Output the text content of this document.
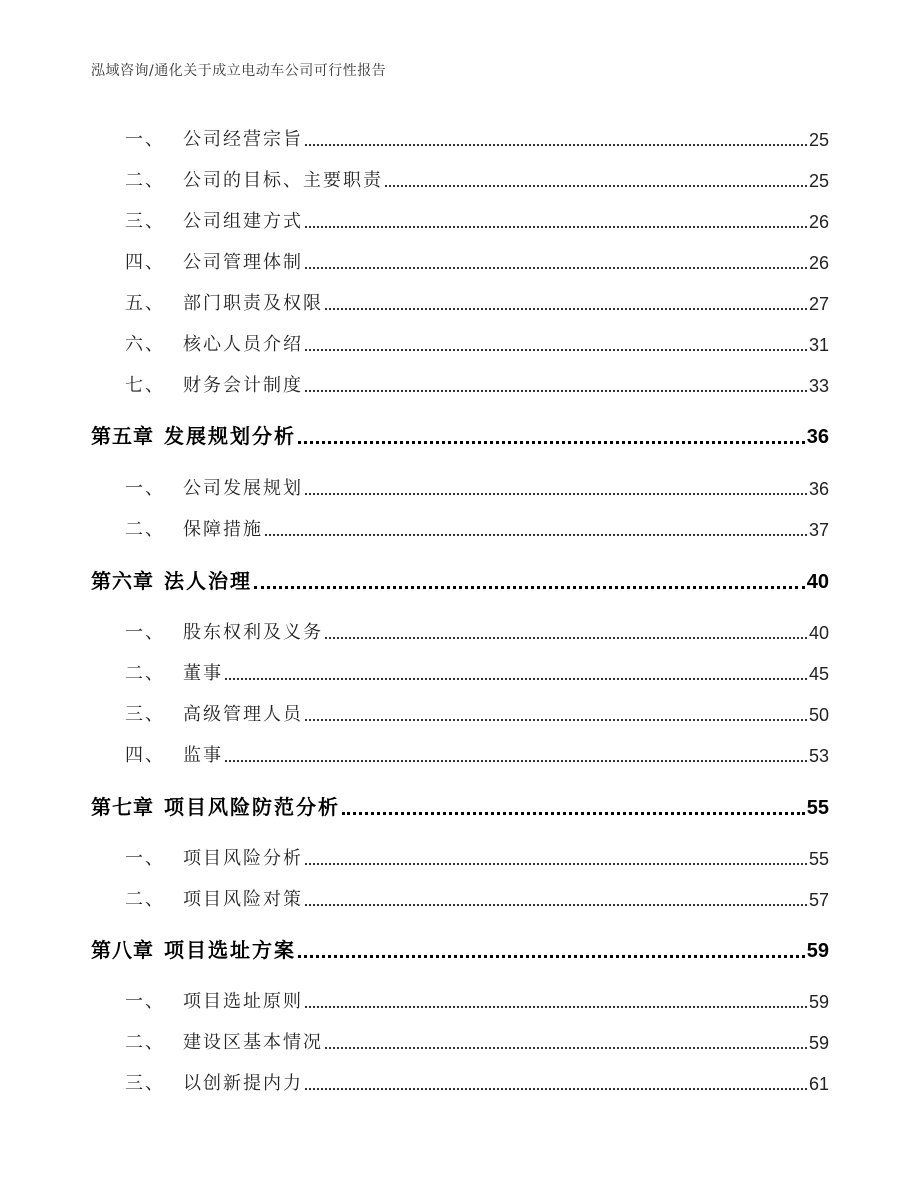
泓域咨询/通化关于成立电动车公司可行性报告
一、	公司经营宗旨	25
二、	公司的目标、主要职责	25
三、	公司组建方式	26
四、	公司管理体制	26
五、	部门职责及权限	27
六、	核心人员介绍	31
七、	财务会计制度	33
第五章 发展规划分析	36
一、	公司发展规划	36
二、	保障措施	37
第六章 法人治理	40
一、	股东权利及义务	40
二、	董事	45
三、	高级管理人员	50
四、	监事	53
第七章 项目风险防范分析	55
一、	项目风险分析	55
二、	项目风险对策	57
第八章 项目选址方案	59
一、	项目选址原则	59
二、	建设区基本情况	59
三、	以创新提内力	61
